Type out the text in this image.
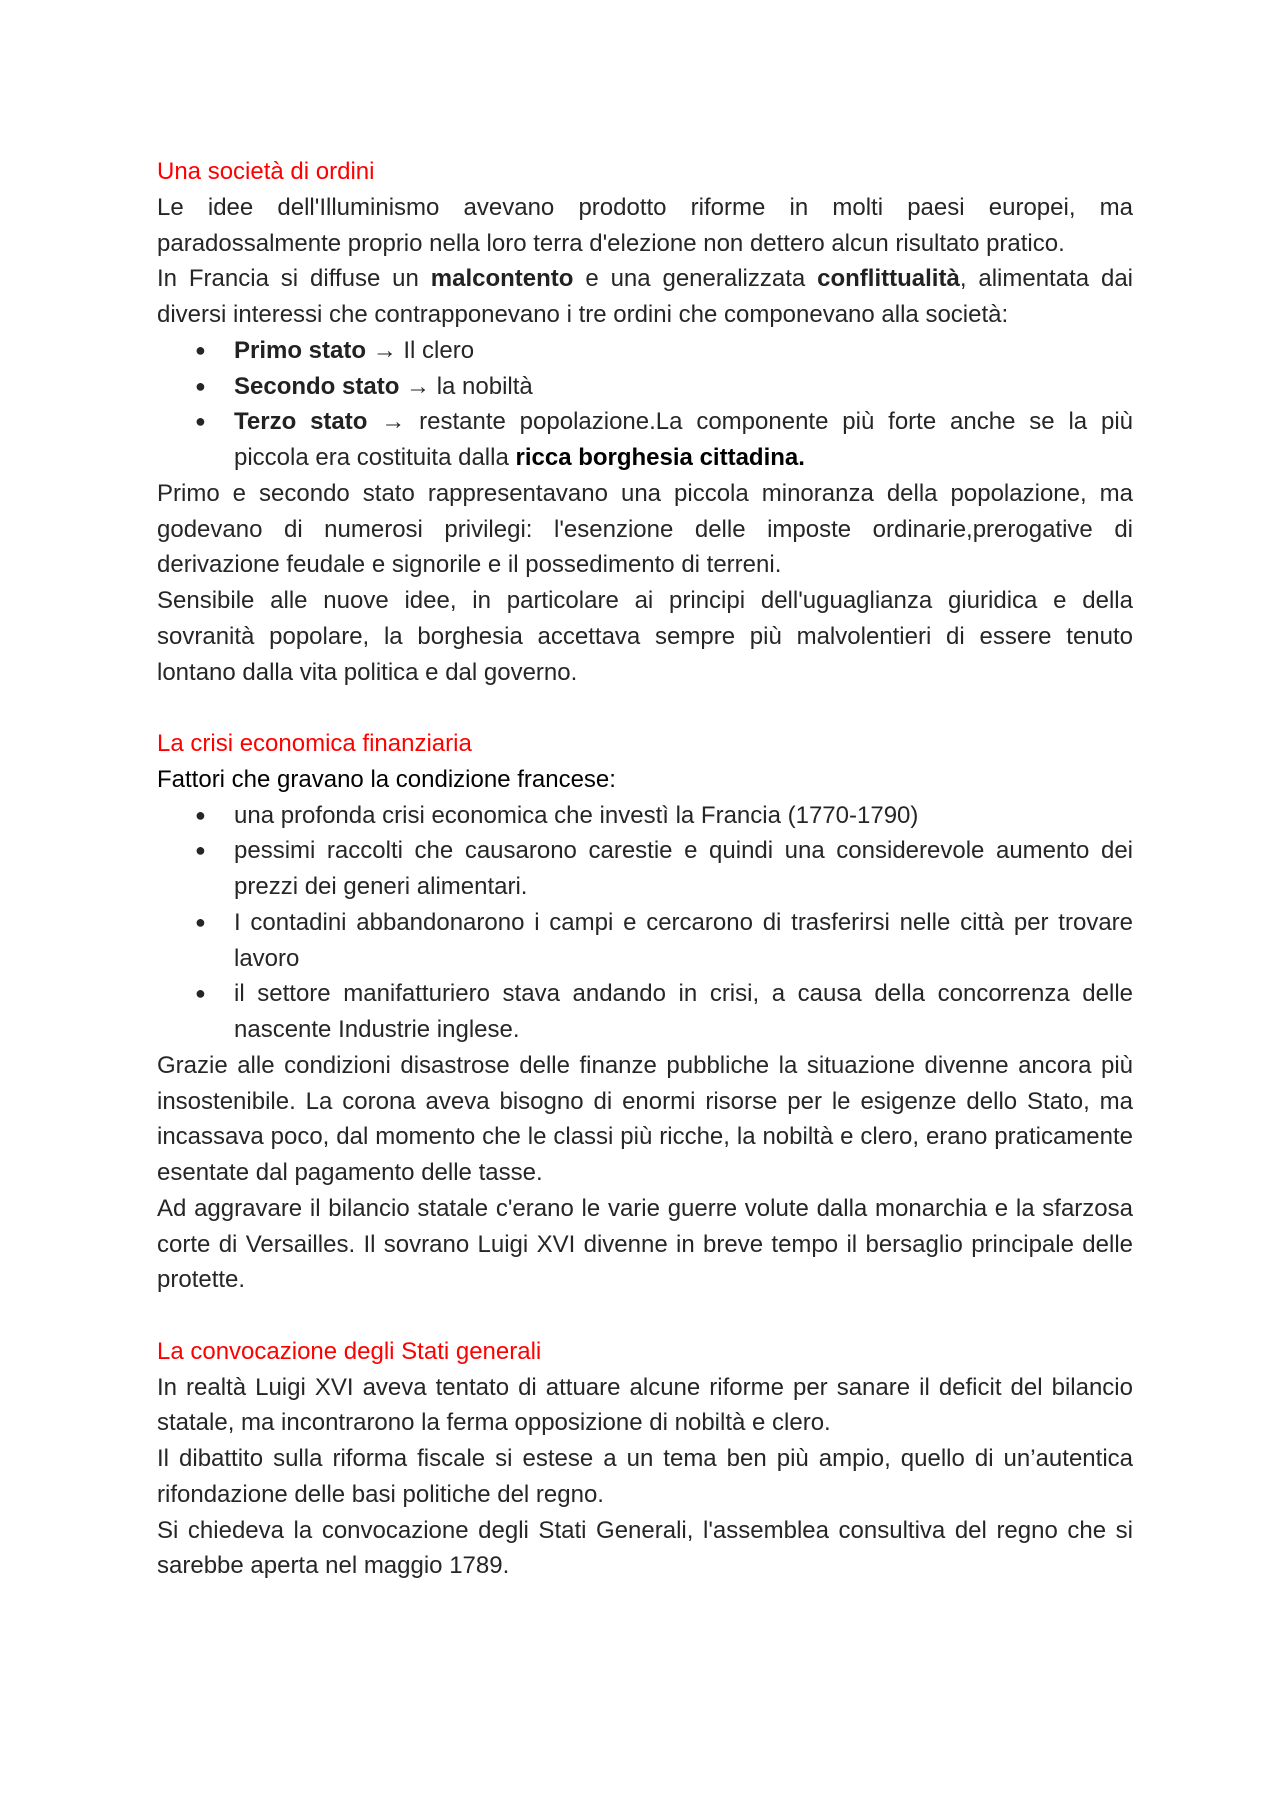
Una società di ordini

Le idee dell'Illuminismo avevano prodotto riforme in molti paesi europei, ma paradossalmente proprio nella loro terra d'elezione non dettero alcun risultato pratico.

In Francia si diffuse un malcontento e una generalizzata conflittualità, alimentata dai diversi interessi che contrapponevano i tre ordini che componevano alla società:

● Primo stato → Il clero
● Secondo stato → la nobiltà
● Terzo stato → restante popolazione.La componente più forte anche se la più piccola era costituita dalla ricca borghesia cittadina.

Primo e secondo stato rappresentavano una piccola minoranza della popolazione, ma godevano di numerosi privilegi: l'esenzione delle imposte ordinarie,prerogative di derivazione feudale e signorile e il possedimento di terreni.

Sensibile alle nuove idee, in particolare ai principi dell'uguaglianza giuridica e della sovranità popolare, la borghesia accettava sempre più malvolentieri di essere tenuto lontano dalla vita politica e dal governo.

La crisi economica finanziaria

Fattori che gravano la condizione francese:

● una profonda crisi economica che investì la Francia (1770-1790)
● pessimi raccolti che causarono carestie e quindi una considerevole aumento dei prezzi dei generi alimentari.
● I contadini abbandonarono i campi e cercarono di trasferirsi nelle città per trovare lavoro
● il settore manifatturiero stava andando in crisi, a causa della concorrenza delle nascente Industrie inglese.

Grazie alle condizioni disastrose delle finanze pubbliche la situazione divenne ancora più insostenibile. La corona aveva bisogno di enormi risorse per le esigenze dello Stato, ma incassava poco, dal momento che le classi più ricche, la nobiltà e clero, erano praticamente esentate dal pagamento delle tasse.

Ad aggravare il bilancio statale c'erano le varie guerre volute dalla monarchia e la sfarzosa corte di Versailles. Il sovrano Luigi XVI divenne in breve tempo il bersaglio principale delle protette.

La convocazione degli Stati generali

In realtà Luigi XVI aveva tentato di attuare alcune riforme per sanare il deficit del bilancio statale, ma incontrarono la ferma opposizione di nobiltà e clero.

Il dibattito sulla riforma fiscale si estese a un tema ben più ampio, quello di un’autentica rifondazione delle basi politiche del regno.

Si chiedeva la convocazione degli Stati Generali, l'assemblea consultiva del regno che si sarebbe aperta nel maggio 1789.
